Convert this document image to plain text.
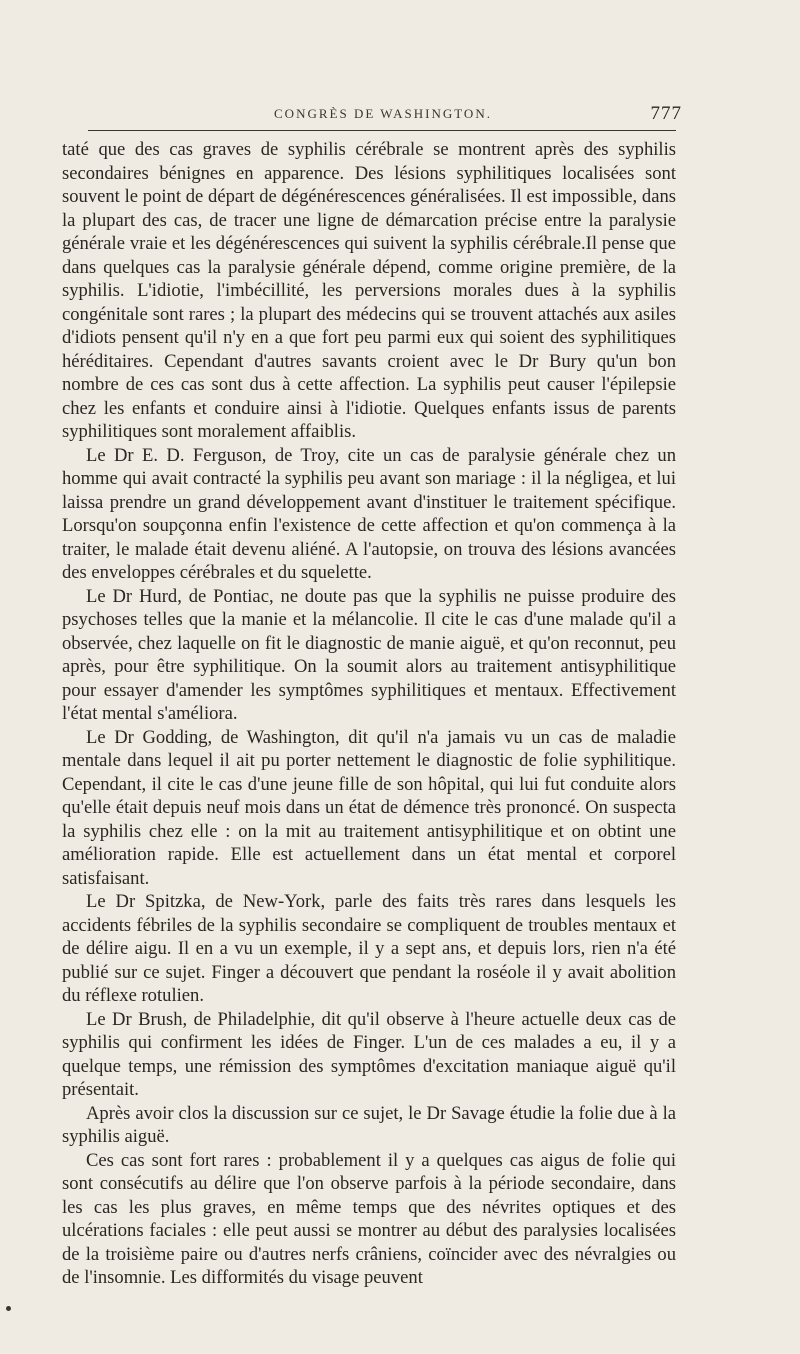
CONGRÈS DE WASHINGTON.	777

taté que des cas graves de syphilis cérébrale se montrent après des syphilis secondaires bénignes en apparence. Des lésions syphilitiques localisées sont souvent le point de départ de dégénérescences généralisées. Il est impossible, dans la plupart des cas, de tracer une ligne de démarcation précise entre la paralysie générale vraie et les dégénérescences qui suivent la syphilis cérébrale.Il pense que dans quelques cas la paralysie générale dépend, comme origine première, de la syphilis. L'idiotie, l'imbécillité, les perversions morales dues à la syphilis congénitale sont rares ; la plupart des médecins qui se trouvent attachés aux asiles d'idiots pensent qu'il n'y en a que fort peu parmi eux qui soient des syphilitiques héréditaires. Cependant d'autres savants croient avec le Dr Bury qu'un bon nombre de ces cas sont dus à cette affection. La syphilis peut causer l'épilepsie chez les enfants et conduire ainsi à l'idiotie. Quelques enfants issus de parents syphilitiques sont moralement affaiblis.

Le Dr E. D. Ferguson, de Troy, cite un cas de paralysie générale chez un homme qui avait contracté la syphilis peu avant son mariage : il la négligea, et lui laissa prendre un grand développement avant d'instituer le traitement spécifique. Lorsqu'on soupçonna enfin l'existence de cette affection et qu'on commença à la traiter, le malade était devenu aliéné. A l'autopsie, on trouva des lésions avancées des enveloppes cérébrales et du squelette.

Le Dr Hurd, de Pontiac, ne doute pas que la syphilis ne puisse produire des psychoses telles que la manie et la mélancolie. Il cite le cas d'une malade qu'il a observée, chez laquelle on fit le diagnostic de manie aiguë, et qu'on reconnut, peu après, pour être syphilitique. On la soumit alors au traitement antisyphilitique pour essayer d'amender les symptômes syphilitiques et mentaux. Effectivement l'état mental s'améliora.

Le Dr Godding, de Washington, dit qu'il n'a jamais vu un cas de maladie mentale dans lequel il ait pu porter nettement le diagnostic de folie syphilitique. Cependant, il cite le cas d'une jeune fille de son hôpital, qui lui fut conduite alors qu'elle était depuis neuf mois dans un état de démence très prononcé. On suspecta la syphilis chez elle : on la mit au traitement antisyphilitique et on obtint une amélioration rapide. Elle est actuellement dans un état mental et corporel satisfaisant.

Le Dr Spitzka, de New-York, parle des faits très rares dans lesquels les accidents fébriles de la syphilis secondaire se compliquent de troubles mentaux et de délire aigu. Il en a vu un exemple, il y a sept ans, et depuis lors, rien n'a été publié sur ce sujet. Finger a découvert que pendant la roséole il y avait abolition du réflexe rotulien.

Le Dr Brush, de Philadelphie, dit qu'il observe à l'heure actuelle deux cas de syphilis qui confirment les idées de Finger. L'un de ces malades a eu, il y a quelque temps, une rémission des symptômes d'excitation maniaque aiguë qu'il présentait.

Après avoir clos la discussion sur ce sujet, le Dr Savage étudie la folie due à la syphilis aiguë.

Ces cas sont fort rares : probablement il y a quelques cas aigus de folie qui sont consécutifs au délire que l'on observe parfois à la période secondaire, dans les cas les plus graves, en même temps que des névrites optiques et des ulcérations faciales : elle peut aussi se montrer au début des paralysies localisées de la troisième paire ou d'autres nerfs crâniens, coïncider avec des névralgies ou de l'insomnie. Les difformités du visage peuvent
